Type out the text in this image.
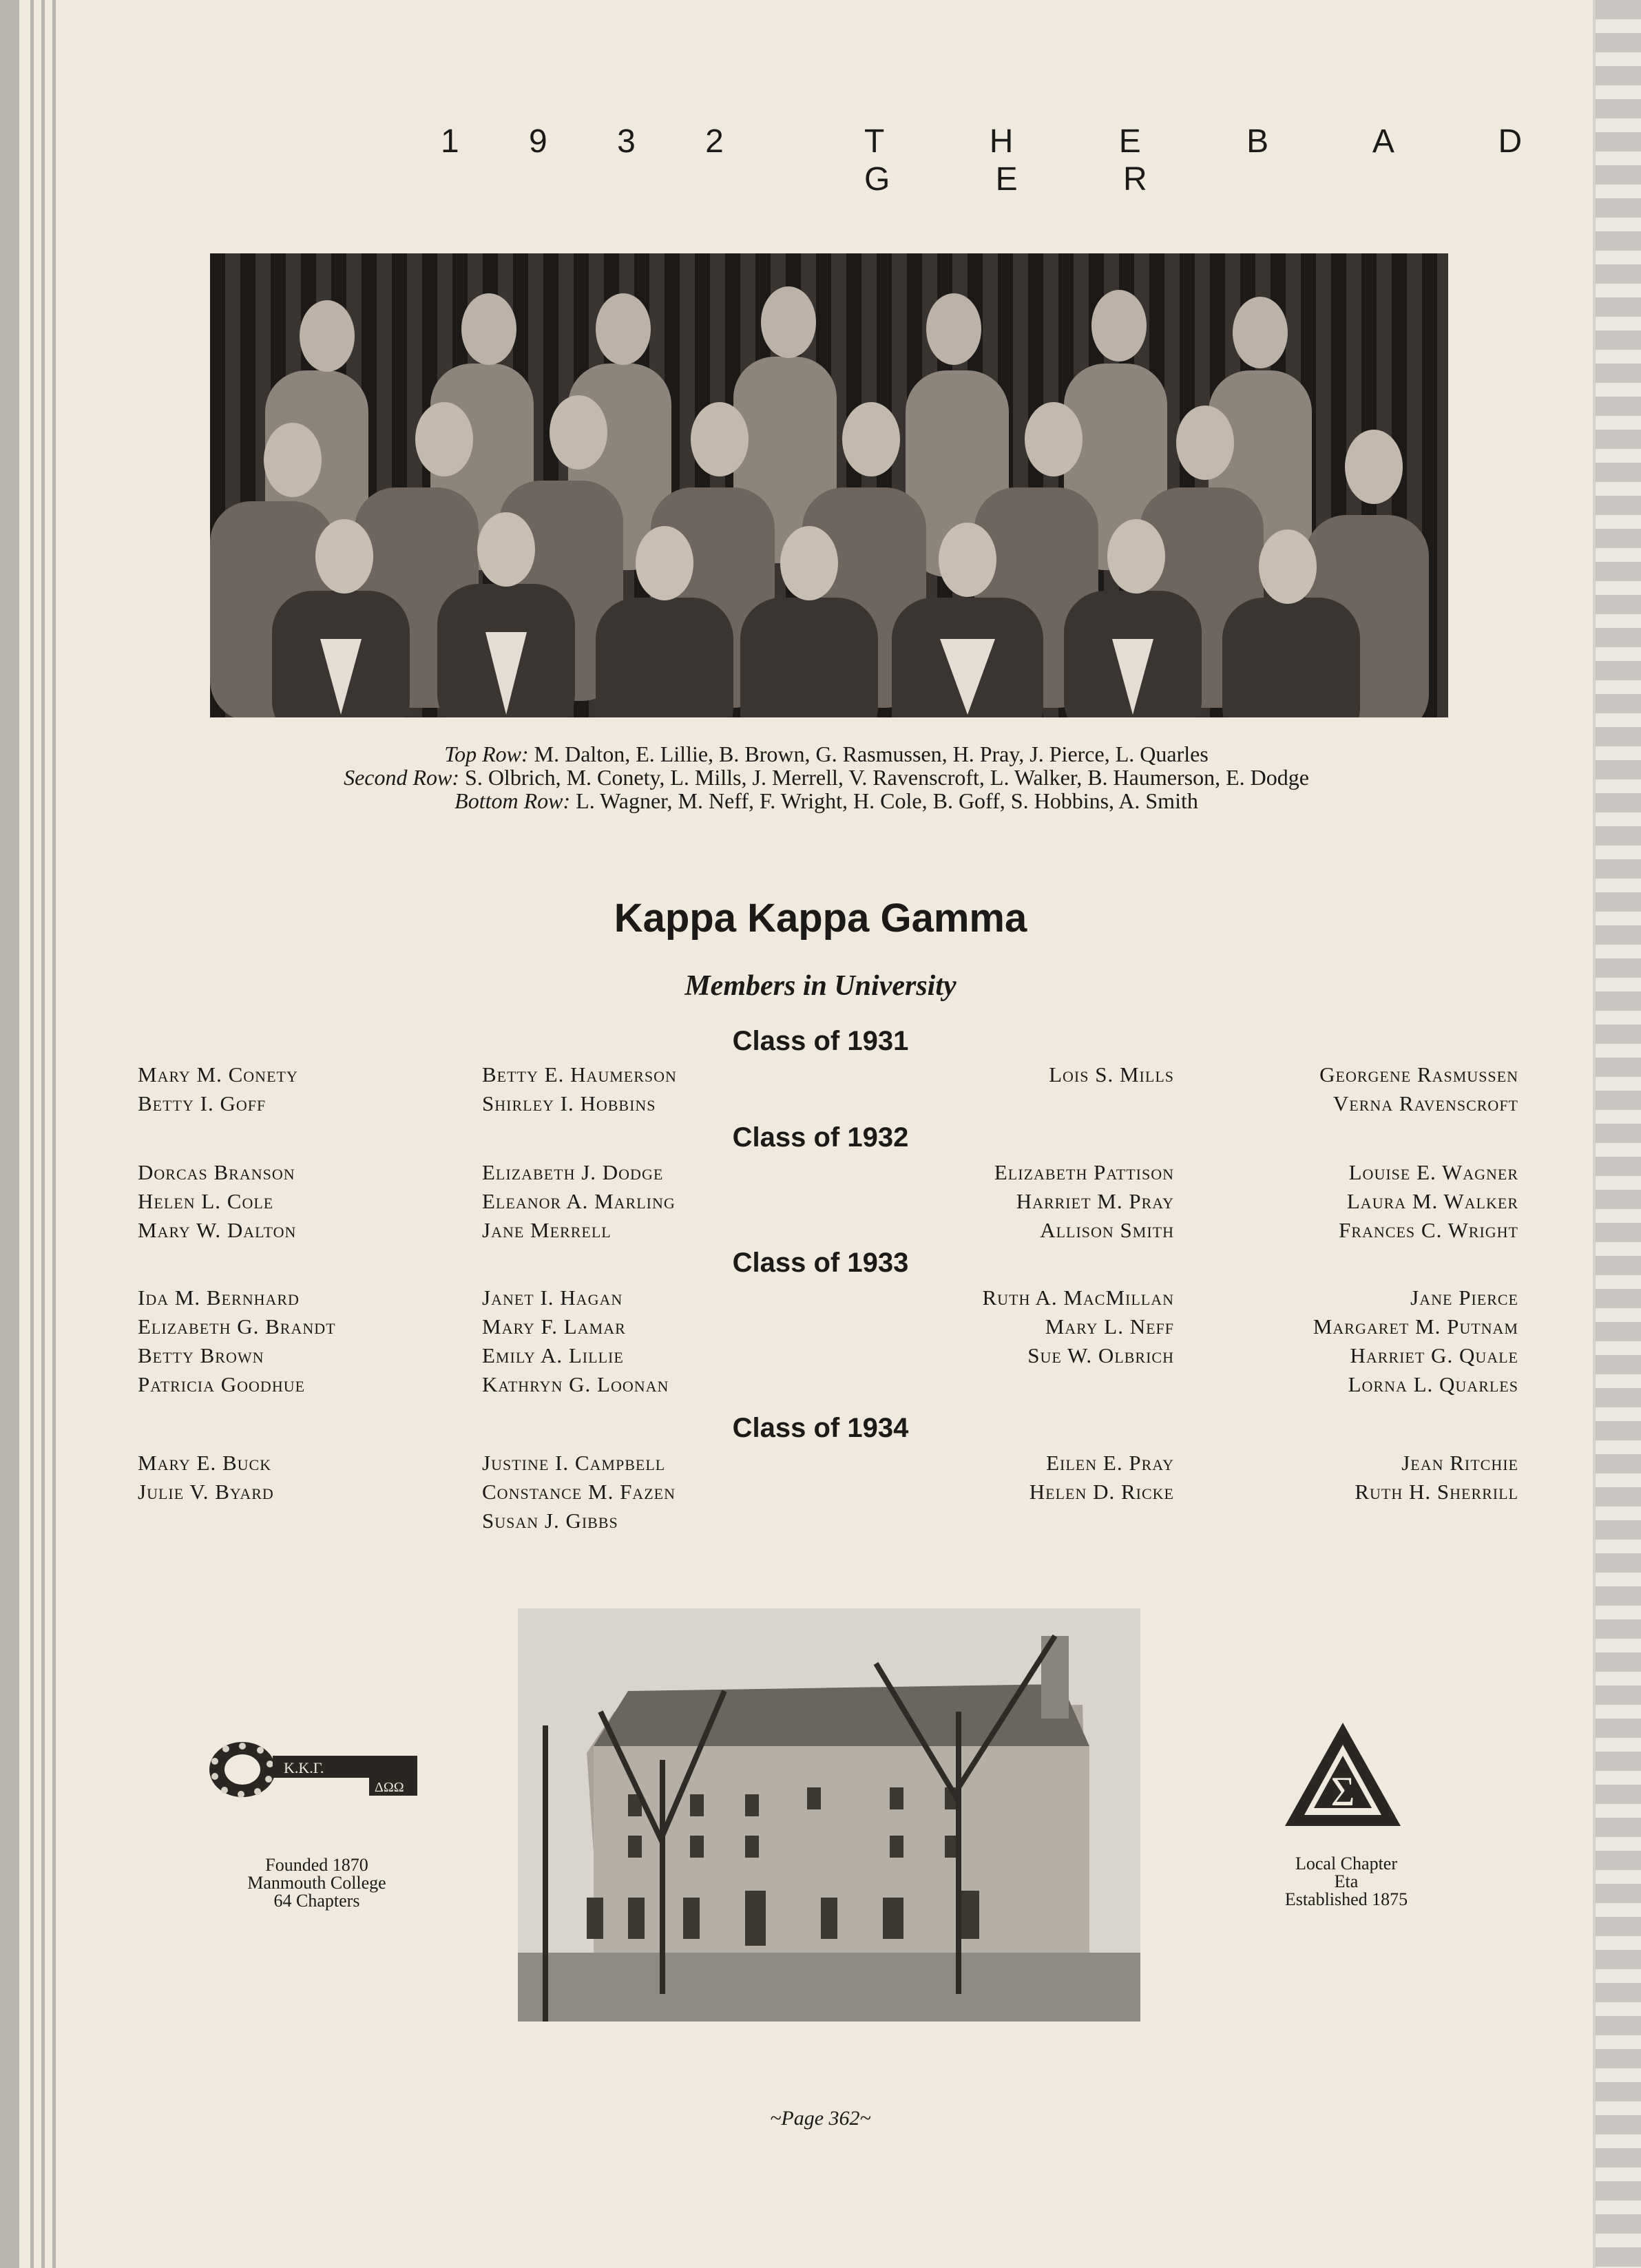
1 9 3 2	T H E B A D G E R
Top Row: M. Dalton, E. Lillie, B. Brown, G. Rasmussen, H. Pray, J. Pierce, L. Quarles
Second Row: S. Olbrich, M. Conety, L. Mills, J. Merrell, V. Ravenscroft, L. Walker, B. Haumerson, E. Dodge
Bottom Row: L. Wagner, M. Neff, F. Wright, H. Cole, B. Goff, S. Hobbins, A. Smith
Kappa Kappa Gamma
Members in University
Class of 1931
Mary M. Conety
Betty I. Goff
Betty E. Haumerson
Shirley I. Hobbins
Lois S. Mills	Georgene Rasmussen
Verna Ravenscroft
Class of 1932
Dorcas Branson
Helen L. Cole
Mary W. Dalton
Elizabeth J. Dodge
Eleanor A. Marling
Jane Merrell
Elizabeth Pattison
Harriet M. Pray
Allison Smith
Louise E. Wagner
Laura M. Walker
Frances C. Wright
Class of 1933
Ida M. Bernhard
Elizabeth G. Brandt
Betty Brown
Patricia Goodhue
Janet I. Hagan
Mary F. Lamar
Emily A. Lillie
Kathryn G. Loonan
Ruth A. MacMillan
Mary L. Neff
Sue W. Olbrich
Jane Pierce
Margaret M. Putnam
Harriet G. Quale
Lorna L. Quarles
Class of 1934
Mary E. Buck
Julie V. Byard
Justine I. Campbell
Constance M. Fazen
Susan J. Gibbs
Eilen E. Pray
Helen D. Ricke
Jean Ritchie
Ruth H. Sherrill
K.K.Γ.
ΔΩΩ
Founded 1870
Manmouth College
64 Chapters
Σ
Local Chapter
Eta
Established 1875
~Page 362~
